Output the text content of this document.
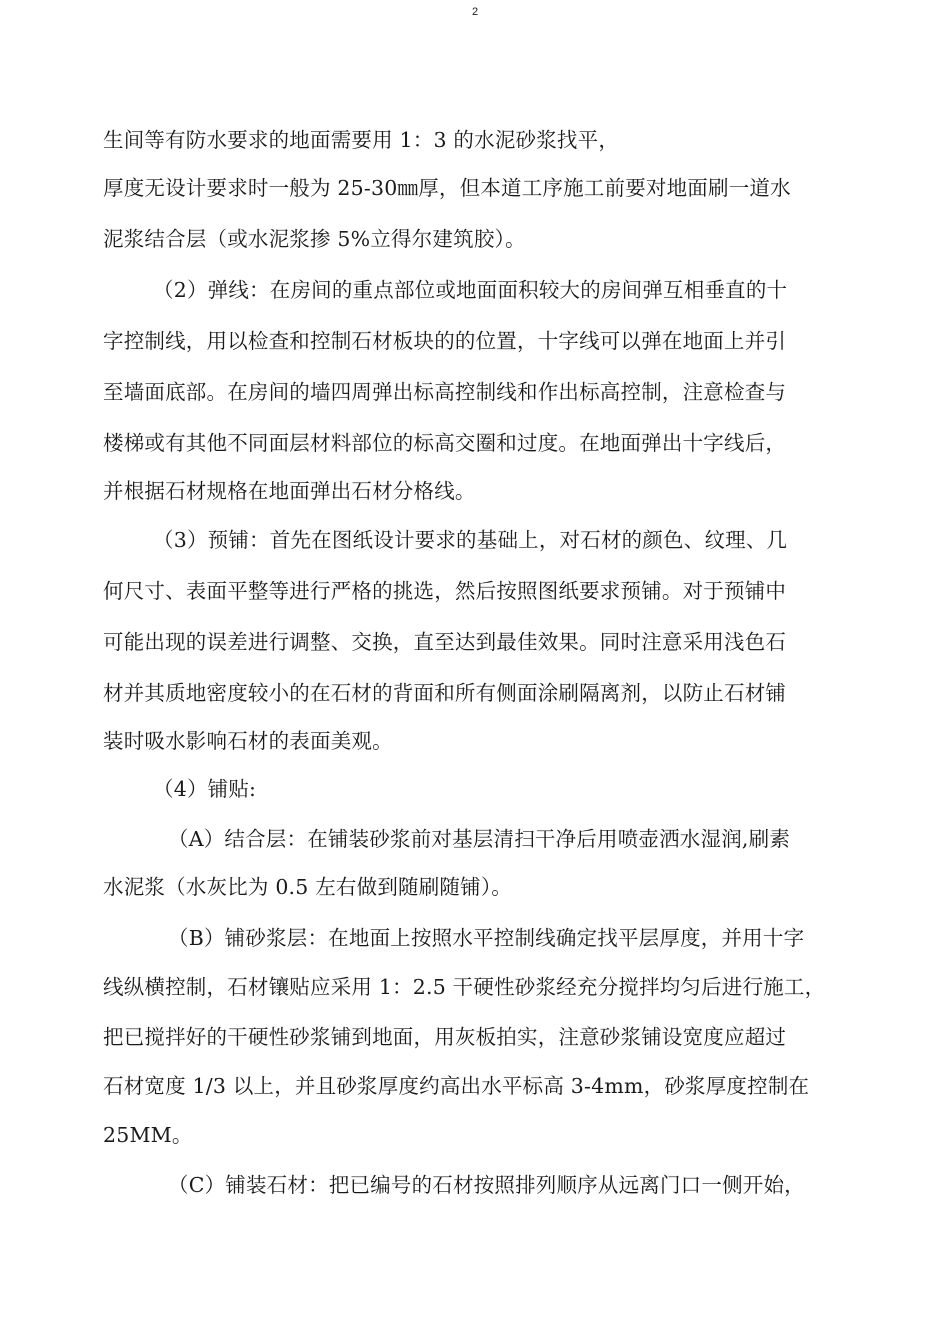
2
生间等有防水要求的地面需要用 1：3 的水泥砂浆找平，
厚度无设计要求时一般为 25-30㎜厚，但本道工序施工前要对地面刷一道水
泥浆结合层（或水泥浆掺 5%立得尔建筑胶）。
（2）弹线：在房间的重点部位或地面面积较大的房间弹互相垂直的十
字控制线，用以检查和控制石材板块的的位置，十字线可以弹在地面上并引
至墙面底部。在房间的墙四周弹出标高控制线和作出标高控制，注意检查与
楼梯或有其他不同面层材料部位的标高交圈和过度。在地面弹出十字线后，
并根据石材规格在地面弹出石材分格线。
（3）预铺：首先在图纸设计要求的基础上，对石材的颜色、纹理、几
何尺寸、表面平整等进行严格的挑选，然后按照图纸要求预铺。对于预铺中
可能出现的误差进行调整、交换，直至达到最佳效果。同时注意采用浅色石
材并其质地密度较小的在石材的背面和所有侧面涂刷隔离剂，以防止石材铺
装时吸水影响石材的表面美观。
（4）铺贴:
（A）结合层：在铺装砂浆前对基层清扫干净后用喷壶洒水湿润,刷素
水泥浆（水灰比为 0.5 左右做到随刷随铺）。
（B）铺砂浆层：在地面上按照水平控制线确定找平层厚度，并用十字
线纵横控制，石材镶贴应采用 1：2.5 干硬性砂浆经充分搅拌均匀后进行施工，
把已搅拌好的干硬性砂浆铺到地面，用灰板拍实，注意砂浆铺设宽度应超过
石材宽度 1/3 以上，并且砂浆厚度约高出水平标高 3-4mm，砂浆厚度控制在
25MM。
（C）铺装石材：把已编号的石材按照排列顺序从远离门口一侧开始，
